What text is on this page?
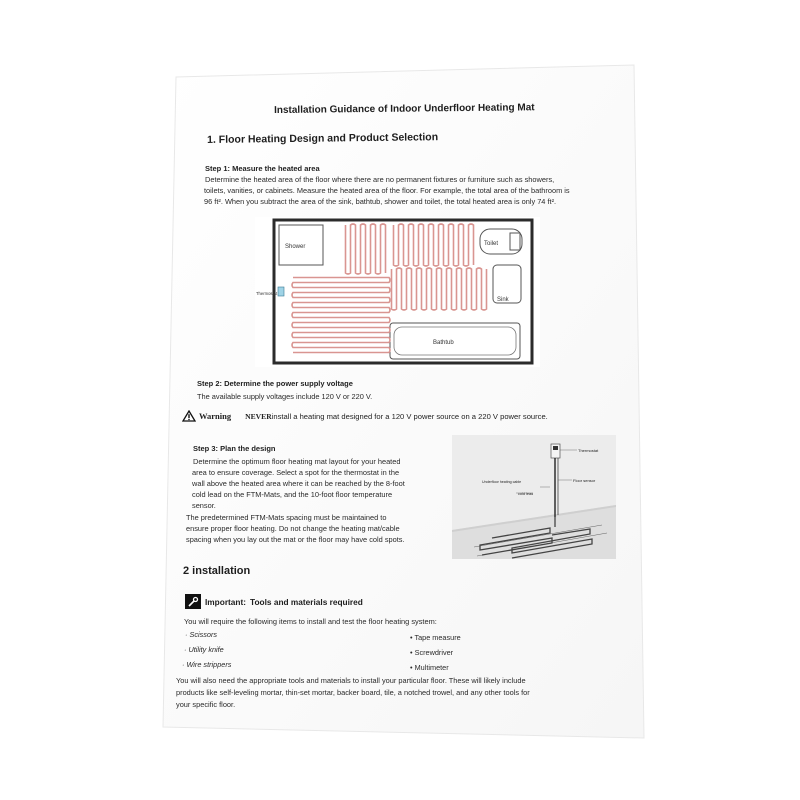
Installation Guidance of Indoor Underfloor Heating Mat
1. Floor Heating Design and Product Selection
Step 1: Measure the heated area
Determine the heated area of the floor where there are no permanent fixtures or furniture such as showers,
toilets, vanities, or cabinets. Measure the heated area of the floor. For example, the total area of the bathroom is
96 ft². When you subtract the area of the sink, bathtub, shower and toilet, the total heated area is only 74 ft².
Shower	Toilet
Sink
Bathtub
Thermostat
Step 2: Determine the power supply voltage
The available supply voltages include 120 V or 220 V.
Warning NEVER install a heating mat designed for a 120 V power source on a 220 V power source.
Step 3: Plan the design
Determine the optimum floor heating mat layout for your heated
area to ensure coverage. Select a spot for the thermostat in the
wall above the heated area where it can be reached by the 8-foot
cold lead on the FTM-Mats, and the 10-foot floor temperature
sensor.
The predetermined FTM-Mats spacing must be maintained to
ensure proper floor heating. Do not change the heating mat/cable
spacing when you lay out the mat or the floor may have cold spots.
Thermostat
Floor sensor
Underfloor heating cable
cold lead
2 installation
Important: Tools and materials required
You will require the following items to install and test the floor heating system:
· Scissors
· Utility knife
· Wire strippers
• Tape measure
• Screwdriver
• Multimeter
You will also need the appropriate tools and materials to install your particular floor. These will likely include
products like self-leveling mortar, thin-set mortar, backer board, tile, a notched trowel, and any other tools for
your specific floor.
